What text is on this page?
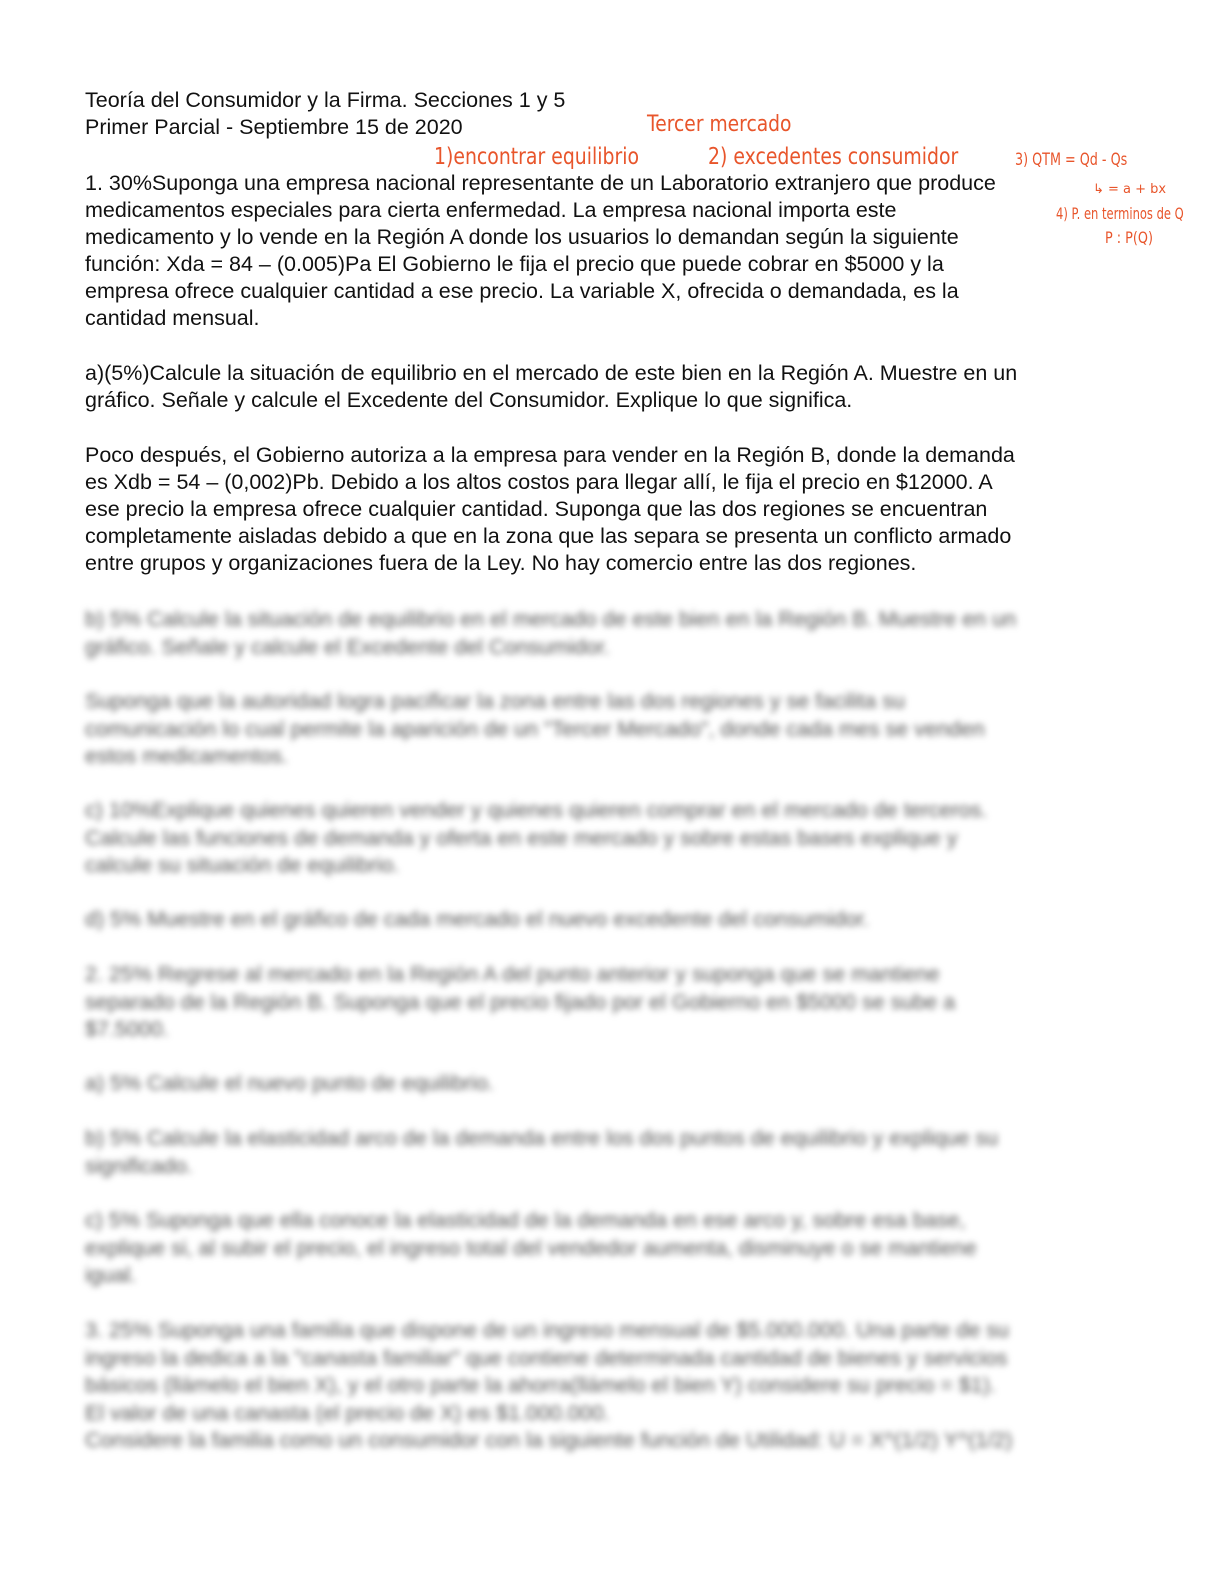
Teoría del Consumidor y la Firma. Secciones 1 y 5
Primer Parcial - Septiembre 15 de 2020	Tercer mercado
1)encontrar equilibrio	2) excedentes consumidor	3) QTM = Qd - Qs
↳ = a + bx
4) P. en terminos de Q
P : P(Q)
1. 30%Suponga una empresa nacional representante de un Laboratorio extranjero que produce
medicamentos especiales para cierta enfermedad. La empresa nacional importa este
medicamento y lo vende en la Región A donde los usuarios lo demandan según la siguiente
función: Xda = 84 – (0.005)Pa El Gobierno le fija el precio que puede cobrar en $5000 y la
empresa ofrece cualquier cantidad a ese precio. La variable X, ofrecida o demandada, es la
cantidad mensual.
a)(5%)Calcule la situación de equilibrio en el mercado de este bien en la Región A. Muestre en un
gráfico. Señale y calcule el Excedente del Consumidor. Explique lo que significa.
Poco después, el Gobierno autoriza a la empresa para vender en la Región B, donde la demanda
es Xdb = 54 – (0,002)Pb. Debido a los altos costos para llegar allí, le fija el precio en $12000. A
ese precio la empresa ofrece cualquier cantidad. Suponga que las dos regiones se encuentran
completamente aisladas debido a que en la zona que las separa se presenta un conflicto armado
entre grupos y organizaciones fuera de la Ley. No hay comercio entre las dos regiones.
b) 5% Calcule la situación de equilibrio en el mercado de este bien en la Región B. Muestre en un
gráfico. Señale y calcule el Excedente del Consumidor.
Suponga que la autoridad logra pacificar la zona entre las dos regiones y se facilita su
comunicación lo cual permite la aparición de un "Tercer Mercado", donde cada mes se venden
estos medicamentos.
c) 10%Explique quienes quieren vender y quienes quieren comprar en el mercado de terceros.
Calcule las funciones de demanda y oferta en este mercado y sobre estas bases explique y
calcule su situación de equilibrio.
d) 5% Muestre en el gráfico de cada mercado el nuevo excedente del consumidor.
2. 25% Regrese al mercado en la Región A del punto anterior y suponga que se mantiene
separado de la Región B. Suponga que el precio fijado por el Gobierno en $5000 se sube a
$7.5000.
a) 5% Calcule el nuevo punto de equilibrio.
b) 5% Calcule la elasticidad arco de la demanda entre los dos puntos de equilibrio y explique su
significado.
c) 5% Suponga que ella conoce la elasticidad de la demanda en ese arco y, sobre esa base,
explique si, al subir el precio, el ingreso total del vendedor aumenta, disminuye o se mantiene
igual.
3. 25% Suponga una familia que dispone de un ingreso mensual de $5.000.000. Una parte de su
ingreso la dedica a la "canasta familiar" que contiene determinada cantidad de bienes y servicios
básicos (llámelo el bien X), y el otro parte la ahorra(llámelo el bien Y) considere su precio = $1).
El valor de una canasta (el precio de X) es $1.000.000.
Considere la familia como un consumidor con la siguiente función de Utilidad: U = X^(1/2) Y^(1/2)
